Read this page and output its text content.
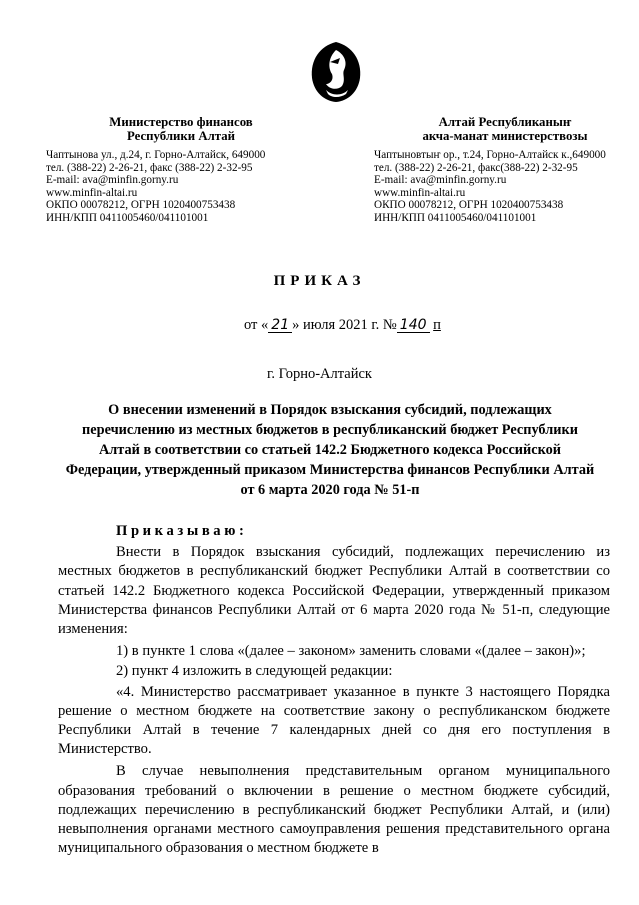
Министерство финансов
Республики Алтай
Чаптынова ул., д.24, г. Горно-Алтайск, 649000
тел. (388-22) 2-26-21, факс (388-22) 2-32-95
E-mail: ava@minfin.gorny.ru
www.minfin-altai.ru
ОКПО 00078212, ОГРН 1020400753438
ИНН/КПП 0411005460/041101001
Алтай Республиканыҥ
акча-манат министерствозы
Чаптыновтыҥ ор., т.24, Горно-Алтайск к.,649000
тел. (388-22) 2-26-21, факс(388-22) 2-32-95
E-mail: ava@minfin.gorny.ru
www.minfin-altai.ru
ОКПО 00078212, ОГРН 1020400753438
ИНН/КПП 0411005460/041101001
ПРИКАЗ
от « 21 » июля 2021 г. № 140 п
г. Горно-Алтайск
О внесении изменений в Порядок взыскания субсидий, подлежащих перечислению из местных бюджетов в республиканский бюджет Республики Алтай в соответствии со статьей 142.2 Бюджетного кодекса Российской Федерации, утвержденный приказом Министерства финансов Республики Алтай от 6 марта 2020 года № 51-п
Приказываю:

Внести в Порядок взыскания субсидий, подлежащих перечислению из местных бюджетов в республиканский бюджет Республики Алтай в соответствии со статьей 142.2 Бюджетного кодекса Российской Федерации, утвержденный приказом Министерства финансов Республики Алтай от 6 марта 2020 года № 51-п, следующие изменения:

1) в пункте 1 слова «(далее – законом» заменить словами «(далее – закон)»;

2) пункт 4 изложить в следующей редакции:

«4. Министерство рассматривает указанное в пункте 3 настоящего Порядка решение о местном бюджете на соответствие закону о республиканском бюджете Республики Алтай в течение 7 календарных дней со дня его поступления в Министерство.

В случае невыполнения представительным органом муниципального образования требований о включении в решение о местном бюджете субсидий, подлежащих перечислению в республиканский бюджет Республики Алтай, и (или) невыполнения органами местного самоуправления решения представительного органа муниципального образования о местном бюджете в
